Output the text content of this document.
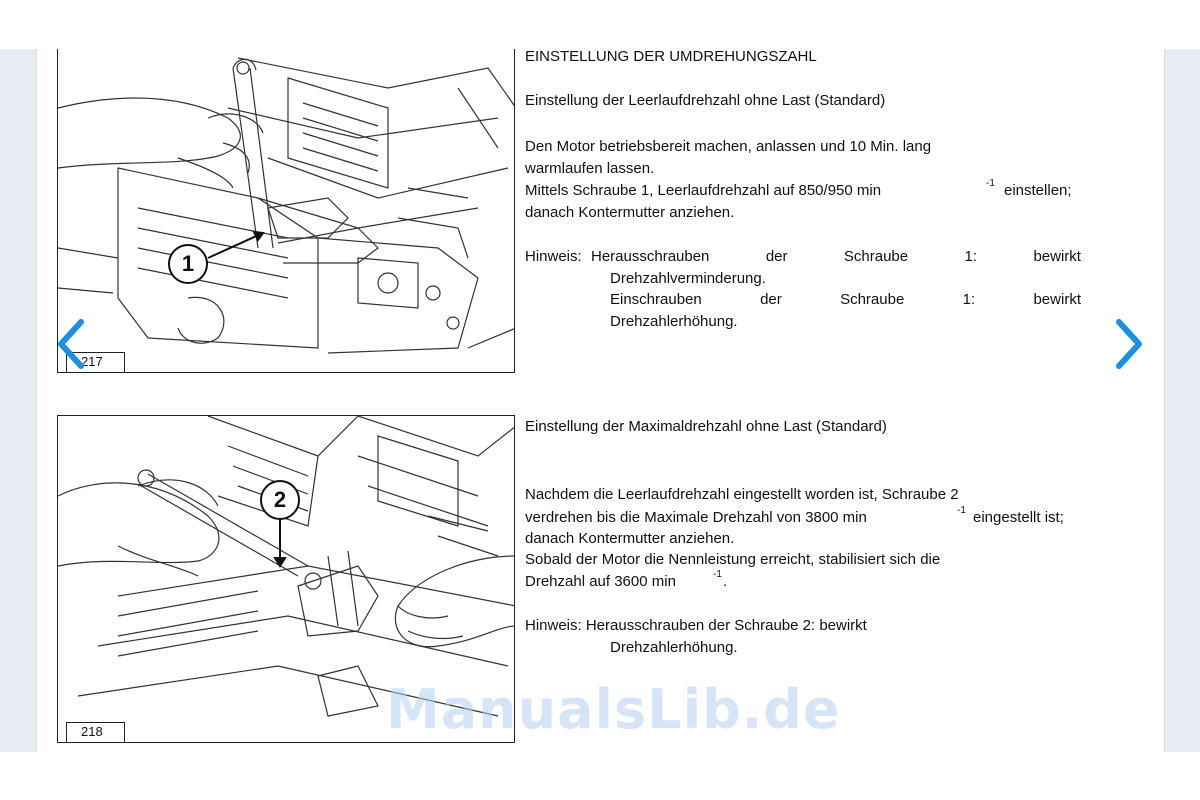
1
217
2
218
EINSTELLUNG DER UMDREHUNGSZAHL
Einstellung der Leerlaufdrehzahl ohne Last (Standard)
Den Motor betriebsbereit machen, anlassen und 10 Min. lang
warmlaufen lassen.
Mittels Schraube 1, Leerlaufdrehzahl auf 850/950 min	-1 einstellen;
danach Kontermutter anziehen.
Hinweis: Herausschrauben	der	Schraube	1:	bewirkt
Drehzahlverminderung.
Einschrauben	der	Schraube	1:	bewirkt
Drehzahlerhöhung.
Einstellung der Maximaldrehzahl ohne Last (Standard)
Nachdem die Leerlaufdrehzahl eingestellt worden ist, Schraube 2
verdrehen bis die Maximale Drehzahl von 3800 min	-1 eingestellt ist;
danach Kontermutter anziehen.
Sobald der Motor die Nennleistung erreicht, stabilisiert sich die
Drehzahl auf 3600 min	-1 .
Hinweis: Herausschrauben der Schraube 2: bewirkt
Drehzahlerhöhung.
ManualsLib.de
